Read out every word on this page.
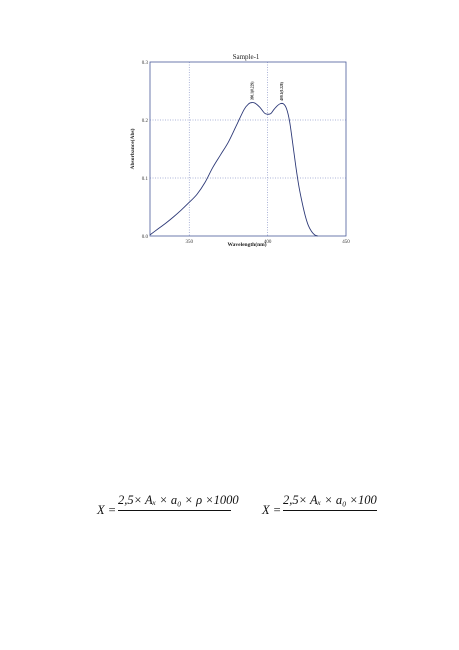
Sample-1
350	400	450
0.0
0.1
0.2
0.3
390.1(0.229)	409.1(0.228)
Wavelength(nm)
Absorbance(Abs)
X =
2,5× Aₓ × a₀ × ρ ×1000
X =
2,5× Aₓ × a₀ ×100
